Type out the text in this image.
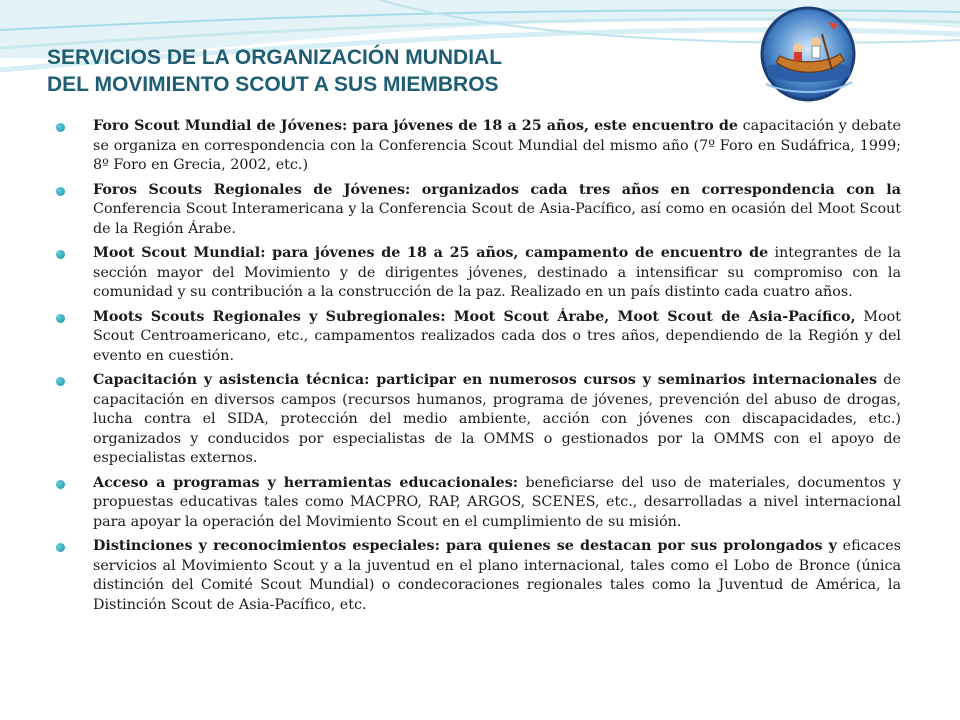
SERVICIOS DE LA ORGANIZACIÓN MUNDIAL
DEL MOVIMIENTO SCOUT A SUS MIEMBROS
Foro Scout Mundial de Jóvenes: para jóvenes de 18 a 25 años, este encuentro de capacitación y debate se organiza en correspondencia con la Conferencia Scout Mundial del mismo año (7º Foro en Sudáfrica, 1999; 8º Foro en Grecia, 2002, etc.)
Foros Scouts Regionales de Jóvenes: organizados cada tres años en correspondencia con la Conferencia Scout Interamericana y la Conferencia Scout de Asia-Pacífico, así como en ocasión del Moot Scout de la Región Árabe.
Moot Scout Mundial: para jóvenes de 18 a 25 años, campamento de encuentro de integrantes de la sección mayor del Movimiento y de dirigentes jóvenes, destinado a intensificar su compromiso con la comunidad y su contribución a la construcción de la paz. Realizado en un país distinto cada cuatro años.
Moots Scouts Regionales y Subregionales: Moot Scout Árabe, Moot Scout de Asia-Pacífico, Moot Scout Centroamericano, etc., campamentos realizados cada dos o tres años, dependiendo de la Región y del evento en cuestión.
Capacitación y asistencia técnica: participar en numerosos cursos y seminarios internacionales de capacitación en diversos campos (recursos humanos, programa de jóvenes, prevención del abuso de drogas, lucha contra el SIDA, protección del medio ambiente, acción con jóvenes con discapacidades, etc.) organizados y conducidos por especialistas de la OMMS o gestionados por la OMMS con el apoyo de especialistas externos.
Acceso a programas y herramientas educacionales: beneficiarse del uso de materiales, documentos y propuestas educativas tales como MACPRO, RAP, ARGOS, SCENES, etc., desarrolladas a nivel internacional para apoyar la operación del Movimiento Scout en el cumplimiento de su misión.
Distinciones y reconocimientos especiales: para quienes se destacan por sus prolongados y eficaces servicios al Movimiento Scout y a la juventud en el plano internacional, tales como el Lobo de Bronce (única distinción del Comité Scout Mundial) o condecoraciones regionales tales como la Juventud de América, la Distinción Scout de Asia-Pacífico, etc.
